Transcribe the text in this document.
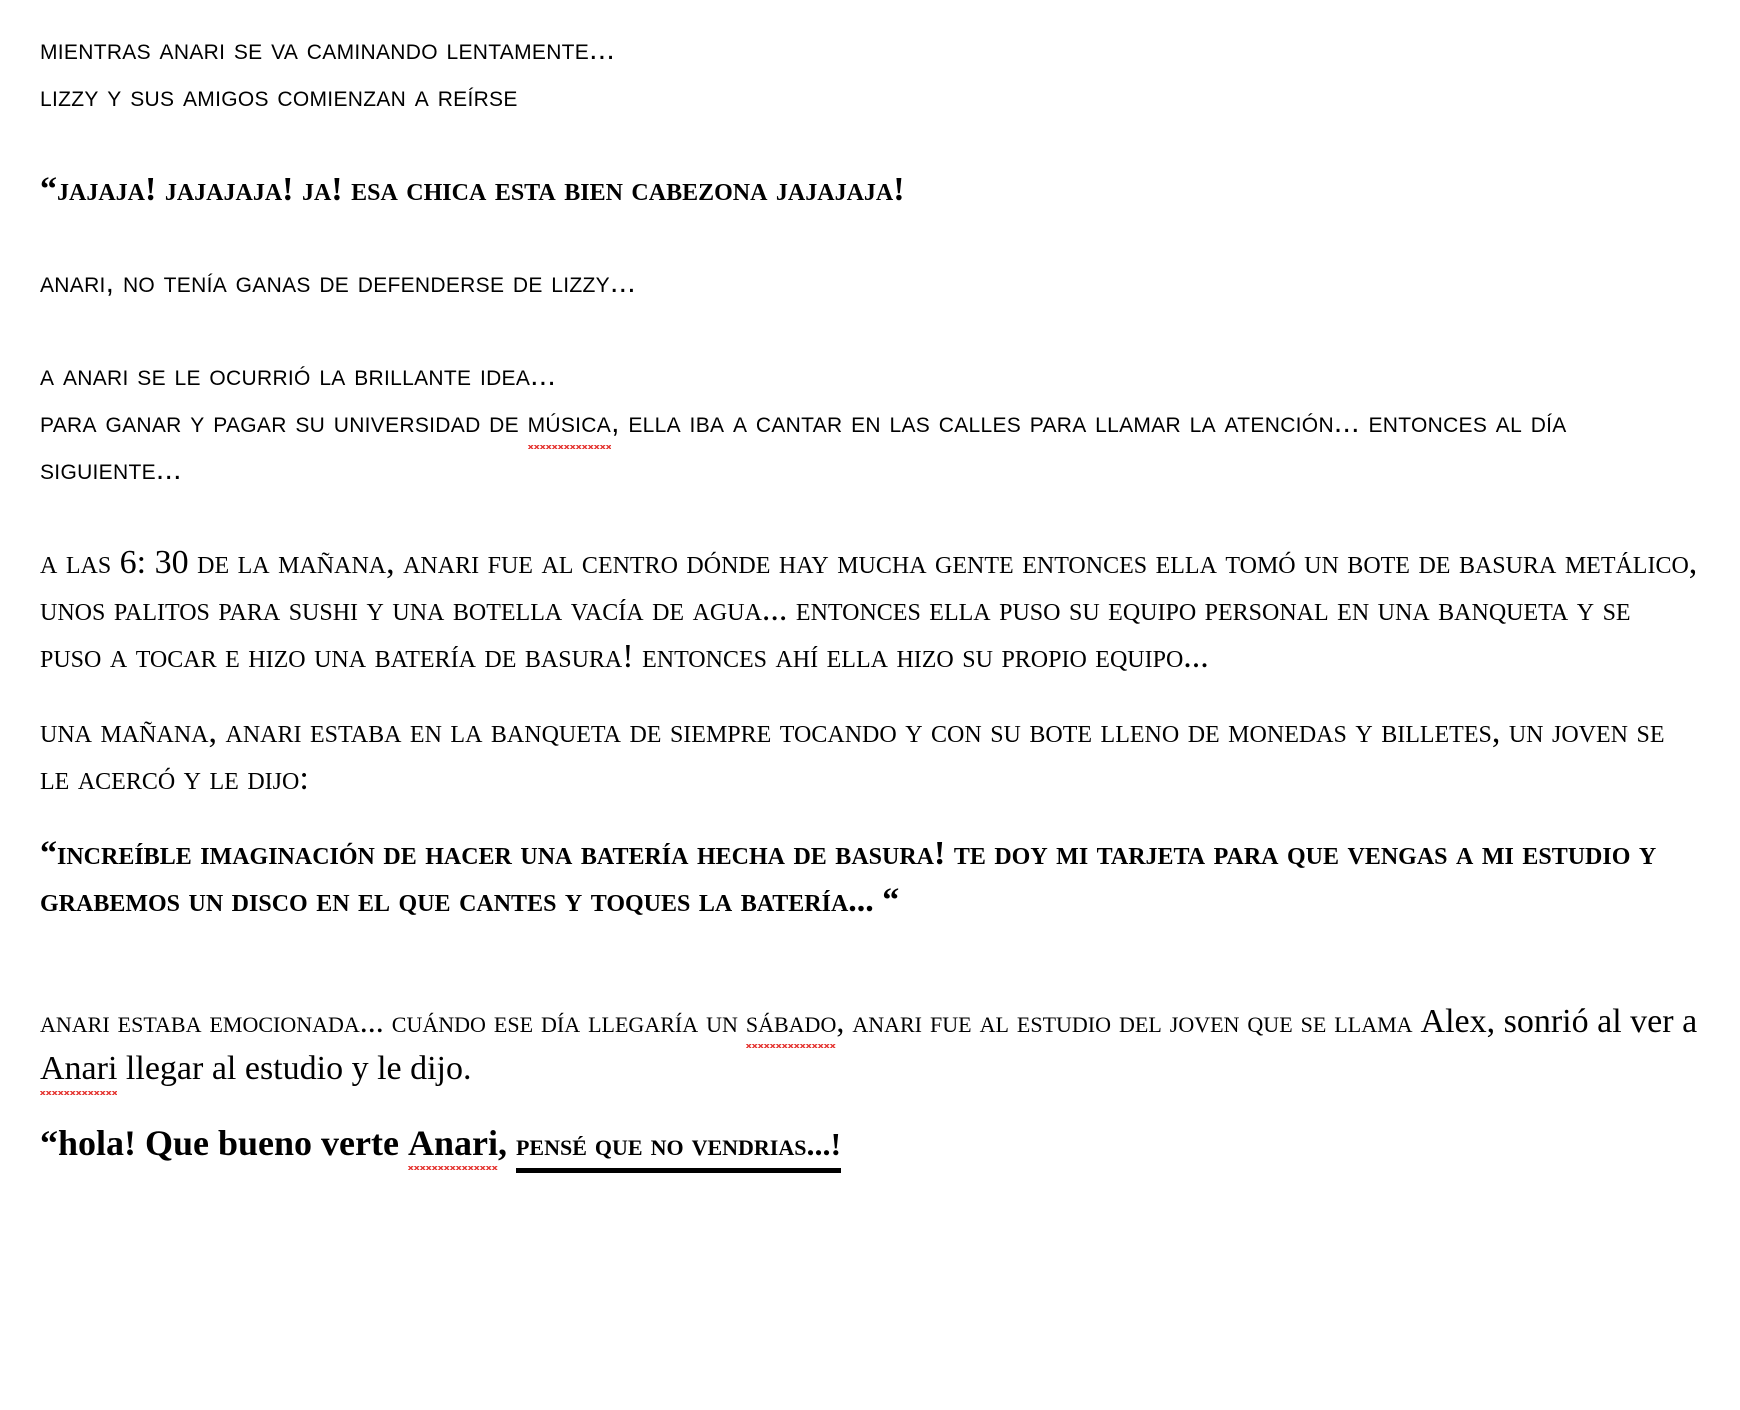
mientras anari se va caminando lentamente...

lizzy y sus amigos comienzan a reírse

“jajaja! jajajaja! ja! esa chica esta bien cabezona jajajaja!

anari, no tenía ganas de defenderse de lizzy...

a anari se le ocurrió la brillante idea...

para ganar y pagar su universidad de música, ella iba a cantar en las calles para llamar la atención... entonces al día siguiente...

a las 6: 30 de la mañana, anari fue al centro dónde hay mucha gente entonces ella tomó un bote de basura metálico, unos palitos para sushi y una botella vacía de agua... entonces ella puso su equipo personal en una banqueta y se puso a tocar e hizo una batería de basura! entonces ahí ella hizo su propio equipo...

una mañana, anari estaba en la banqueta de siempre tocando y con su bote lleno de monedas y billetes, un joven se le acercó y le dijo:

“increíble imaginación de hacer una batería hecha de basura! te doy mi tarjeta para que vengas a mi estudio y grabemos un disco en el que cantes y toques la batería... “

anari estaba emocionada... cuándo ese día llegaría un sábado, anari fue al estudio del joven que se llama Alex, sonrió al ver a Anari llegar al estudio y le dijo.

“hola! Que bueno verte Anari, pensé que no vendrias...!
